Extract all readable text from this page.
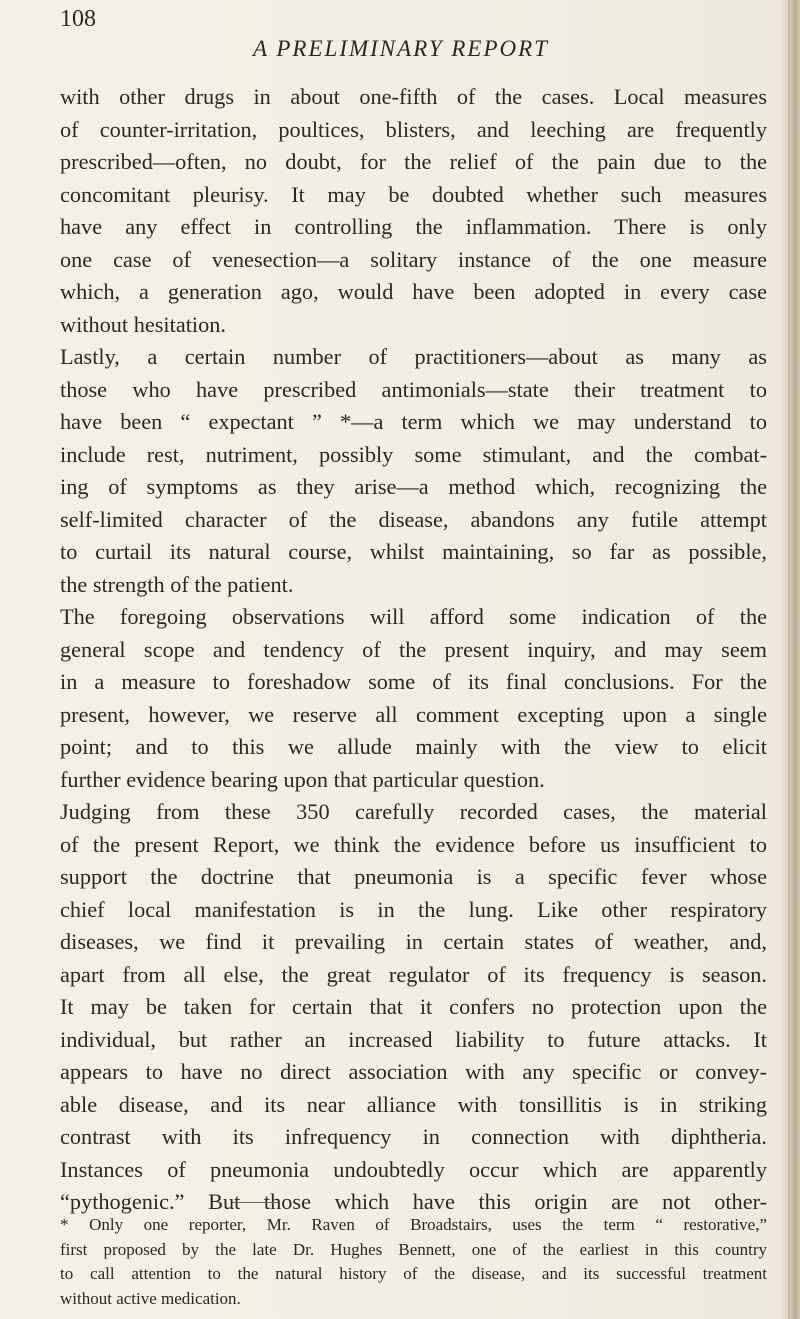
108
A PRELIMINARY REPORT
with other drugs in about one-fifth of the cases. Local measures
of counter-irritation, poultices, blisters, and leeching are frequently
prescribed—often, no doubt, for the relief of the pain due to the
concomitant pleurisy. It may be doubted whether such measures
have any effect in controlling the inflammation. There is only
one case of venesection—a solitary instance of the one measure
which, a generation ago, would have been adopted in every case
without hesitation.
Lastly, a certain number of practitioners—about as many as
those who have prescribed antimonials—state their treatment to
have been “ expectant ” *—a term which we may understand to
include rest, nutriment, possibly some stimulant, and the combat-
ing of symptoms as they arise—a method which, recognizing the
self-limited character of the disease, abandons any futile attempt
to curtail its natural course, whilst maintaining, so far as possible,
the strength of the patient.
The foregoing observations will afford some indication of the
general scope and tendency of the present inquiry, and may seem
in a measure to foreshadow some of its final conclusions. For the
present, however, we reserve all comment excepting upon a single
point; and to this we allude mainly with the view to elicit
further evidence bearing upon that particular question.
Judging from these 350 carefully recorded cases, the material
of the present Report, we think the evidence before us insufficient to
support the doctrine that pneumonia is a specific fever whose
chief local manifestation is in the lung. Like other respiratory
diseases, we find it prevailing in certain states of weather, and,
apart from all else, the great regulator of its frequency is season.
It may be taken for certain that it confers no protection upon the
individual, but rather an increased liability to future attacks. It
appears to have no direct association with any specific or convey-
able disease, and its near alliance with tonsillitis is in striking
contrast with its infrequency in connection with diphtheria.
Instances of pneumonia undoubtedly occur which are apparently
“pythogenic.” But those which have this origin are not other-
* Only one reporter, Mr. Raven of Broadstairs, uses the term “ restorative,”
first proposed by the late Dr. Hughes Bennett, one of the earliest in this country
to call attention to the natural history of the disease, and its successful treatment
without active medication.
